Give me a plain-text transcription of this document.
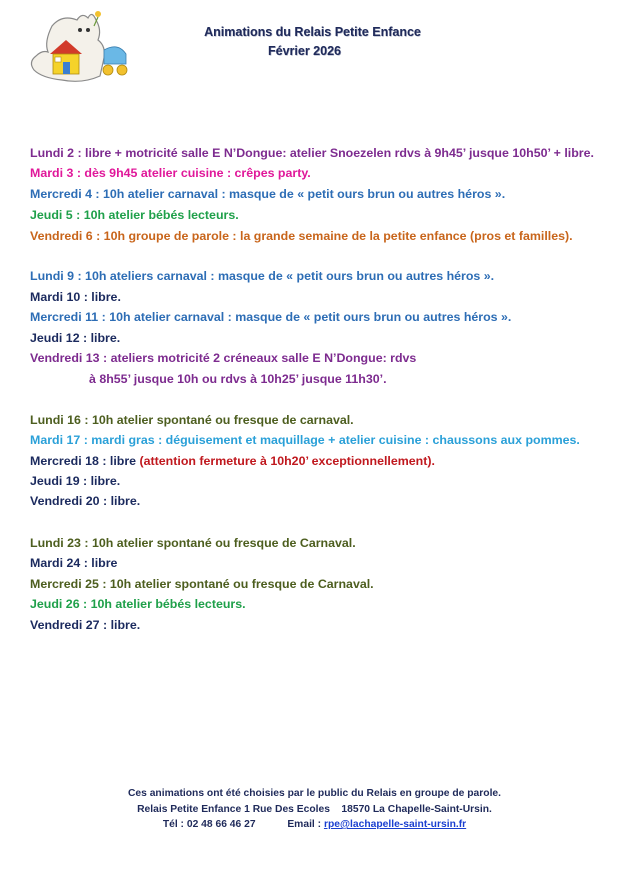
Animations du Relais Petite Enfance
Février 2026
Lundi 2 : libre + motricité salle E N’Dongue: atelier Snoezelen rdvs à 9h45’ jusque 10h50’ + libre.
Mardi 3 : dès 9h45 atelier cuisine : crêpes party.
Mercredi 4 : 10h atelier carnaval : masque de « petit ours brun ou autres héros ».
Jeudi 5 : 10h atelier bébés lecteurs.
Vendredi 6 : 10h groupe de parole : la grande semaine de la petite enfance (pros et familles).
Lundi 9 : 10h ateliers carnaval : masque de « petit ours brun ou autres héros ».
Mardi 10 : libre.
Mercredi 11 : 10h atelier carnaval : masque de « petit ours brun ou autres héros ».
Jeudi 12 : libre.
Vendredi 13 : ateliers motricité 2 créneaux salle E N’Dongue: rdvs
à 8h55’ jusque 10h ou rdvs à 10h25’ jusque 11h30’.
Lundi 16 : 10h atelier spontané ou fresque de carnaval.
Mardi 17 : mardi gras : déguisement et maquillage + atelier cuisine : chaussons aux pommes.
Mercredi 18 : libre (attention fermeture à 10h20’ exceptionnellement).
Jeudi 19 : libre.
Vendredi 20 : libre.
Lundi 23 : 10h atelier spontané ou fresque de Carnaval.
Mardi 24 : libre
Mercredi 25 : 10h atelier spontané ou fresque de Carnaval.
Jeudi 26 : 10h atelier bébés lecteurs.
Vendredi 27 : libre.
Ces animations ont été choisies par le public du Relais en groupe de parole.
Relais Petite Enfance 1 Rue Des Ecoles    18570 La Chapelle-Saint-Ursin.
Tél : 02 48 66 46 27	Email : rpe@lachapelle-saint-ursin.fr
